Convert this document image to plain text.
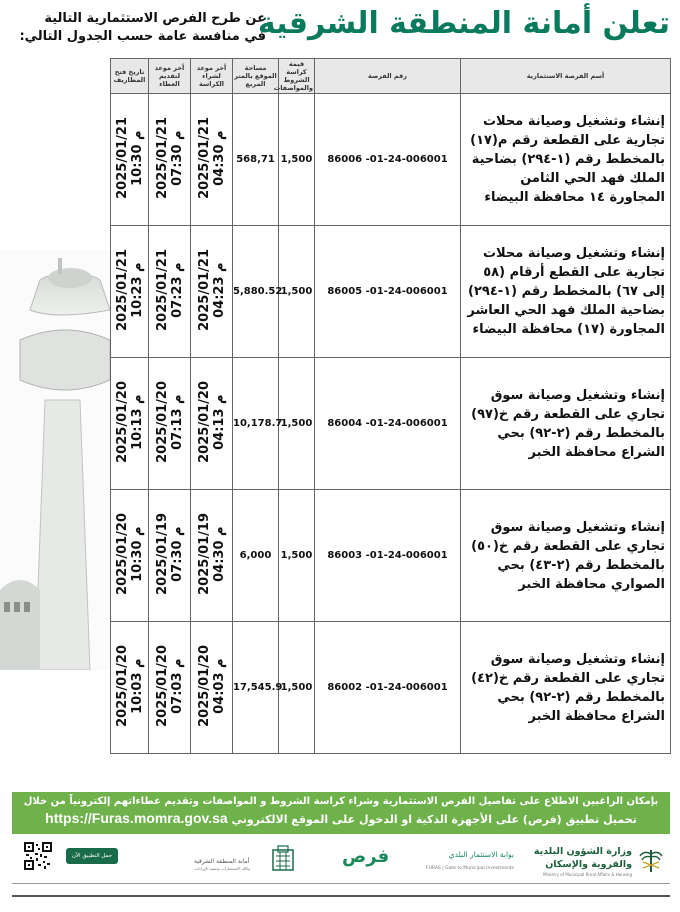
تعلن أمانة المنطقة الشرقية
عن طرح الفرص الاستثمارية التالية
في منافسة عامة حسب الجدول التالي:
تاريخ فتح المظاريف	أخر موعد لتقديم العطاء	أخر موعد لشراء الكراسة	مساحة الموقع بالمتر المربع	قيمة كراسة الشروط والمواصفات	رقم الفرصة	أسم الفرصة الاستثمارية

2025/01/21 10:30 م	2025/01/21 07:30 م	2025/01/21 04:30 م	568,71	1,500	86006 -01-24-006001	إنشاء وتشغيل وصيانة محلات تجارية على القطعة رقم م(١٧) بالمخطط رقم (١-٢٩٤) بضاحية الملك فهد الحي الثامن المجاورة ١٤ محافظة البيضاء

2025/01/21 10:23 م	2025/01/21 07:23 م	2025/01/21 04:23 م	5,880.52	1,500	86005 -01-24-006001	إنشاء وتشغيل وصيانة محلات تجارية على القطع أرقام (٥٨ إلى ٦٧) بالمخطط رقم (١-٢٩٤) بضاحية الملك فهد الحي العاشر المجاورة (١٧) محافظة البيضاء

2025/01/20 10:13 م	2025/01/20 07:13 م	2025/01/20 04:13 م	10,178.7	1,500	86004 -01-24-006001	إنشاء وتشغيل وصيانة سوق تجاري على القطعة رقم خ(٩٧) بالمخطط رقم (٢-٩٢) بحي الشراع محافظة الخبر

2025/01/20 10:30 م	2025/01/19 07:30 م	2025/01/19 04:30 م	6,000	1,500	86003 -01-24-006001	إنشاء وتشغيل وصيانة سوق تجاري على القطعة رقم خ(٥٠) بالمخطط رقم (٢-٤٣) بحي الصواري محافظة الخبر

2025/01/20 10:03 م	2025/01/20 07:03 م	2025/01/20 04:03 م	17,545.9	1,500	86002 -01-24-006001	إنشاء وتشغيل وصيانة سوق تجاري على القطعة رقم خ(٤٢) بالمخطط رقم (٢-٩٢) بحي الشراع محافظة الخبر
بإمكان الراغبين الاطلاع على تفاصيل الفرص الاستثمارية وشراء كراسة الشروط و المواصفات وتقديم عطاءاتهم إلكترونياً من خلال
تحميل تطبيق (فرص) على الأجهزة الذكية او الدخول على الموقع الالكتروني https://Furas.momra.gov.sa
وزارة الشؤون البلدية
والقروية والإسكان
Ministry of Municipal Rural Affairs & Housing
فرص	بوابة الاستثمار البلدي
FURAS | Gate to Municipal Investments
أمانة المنطقة الشرقية
وكالة الاستثمارات وتنمية الإيرادات
حمل التطبيق الآن
